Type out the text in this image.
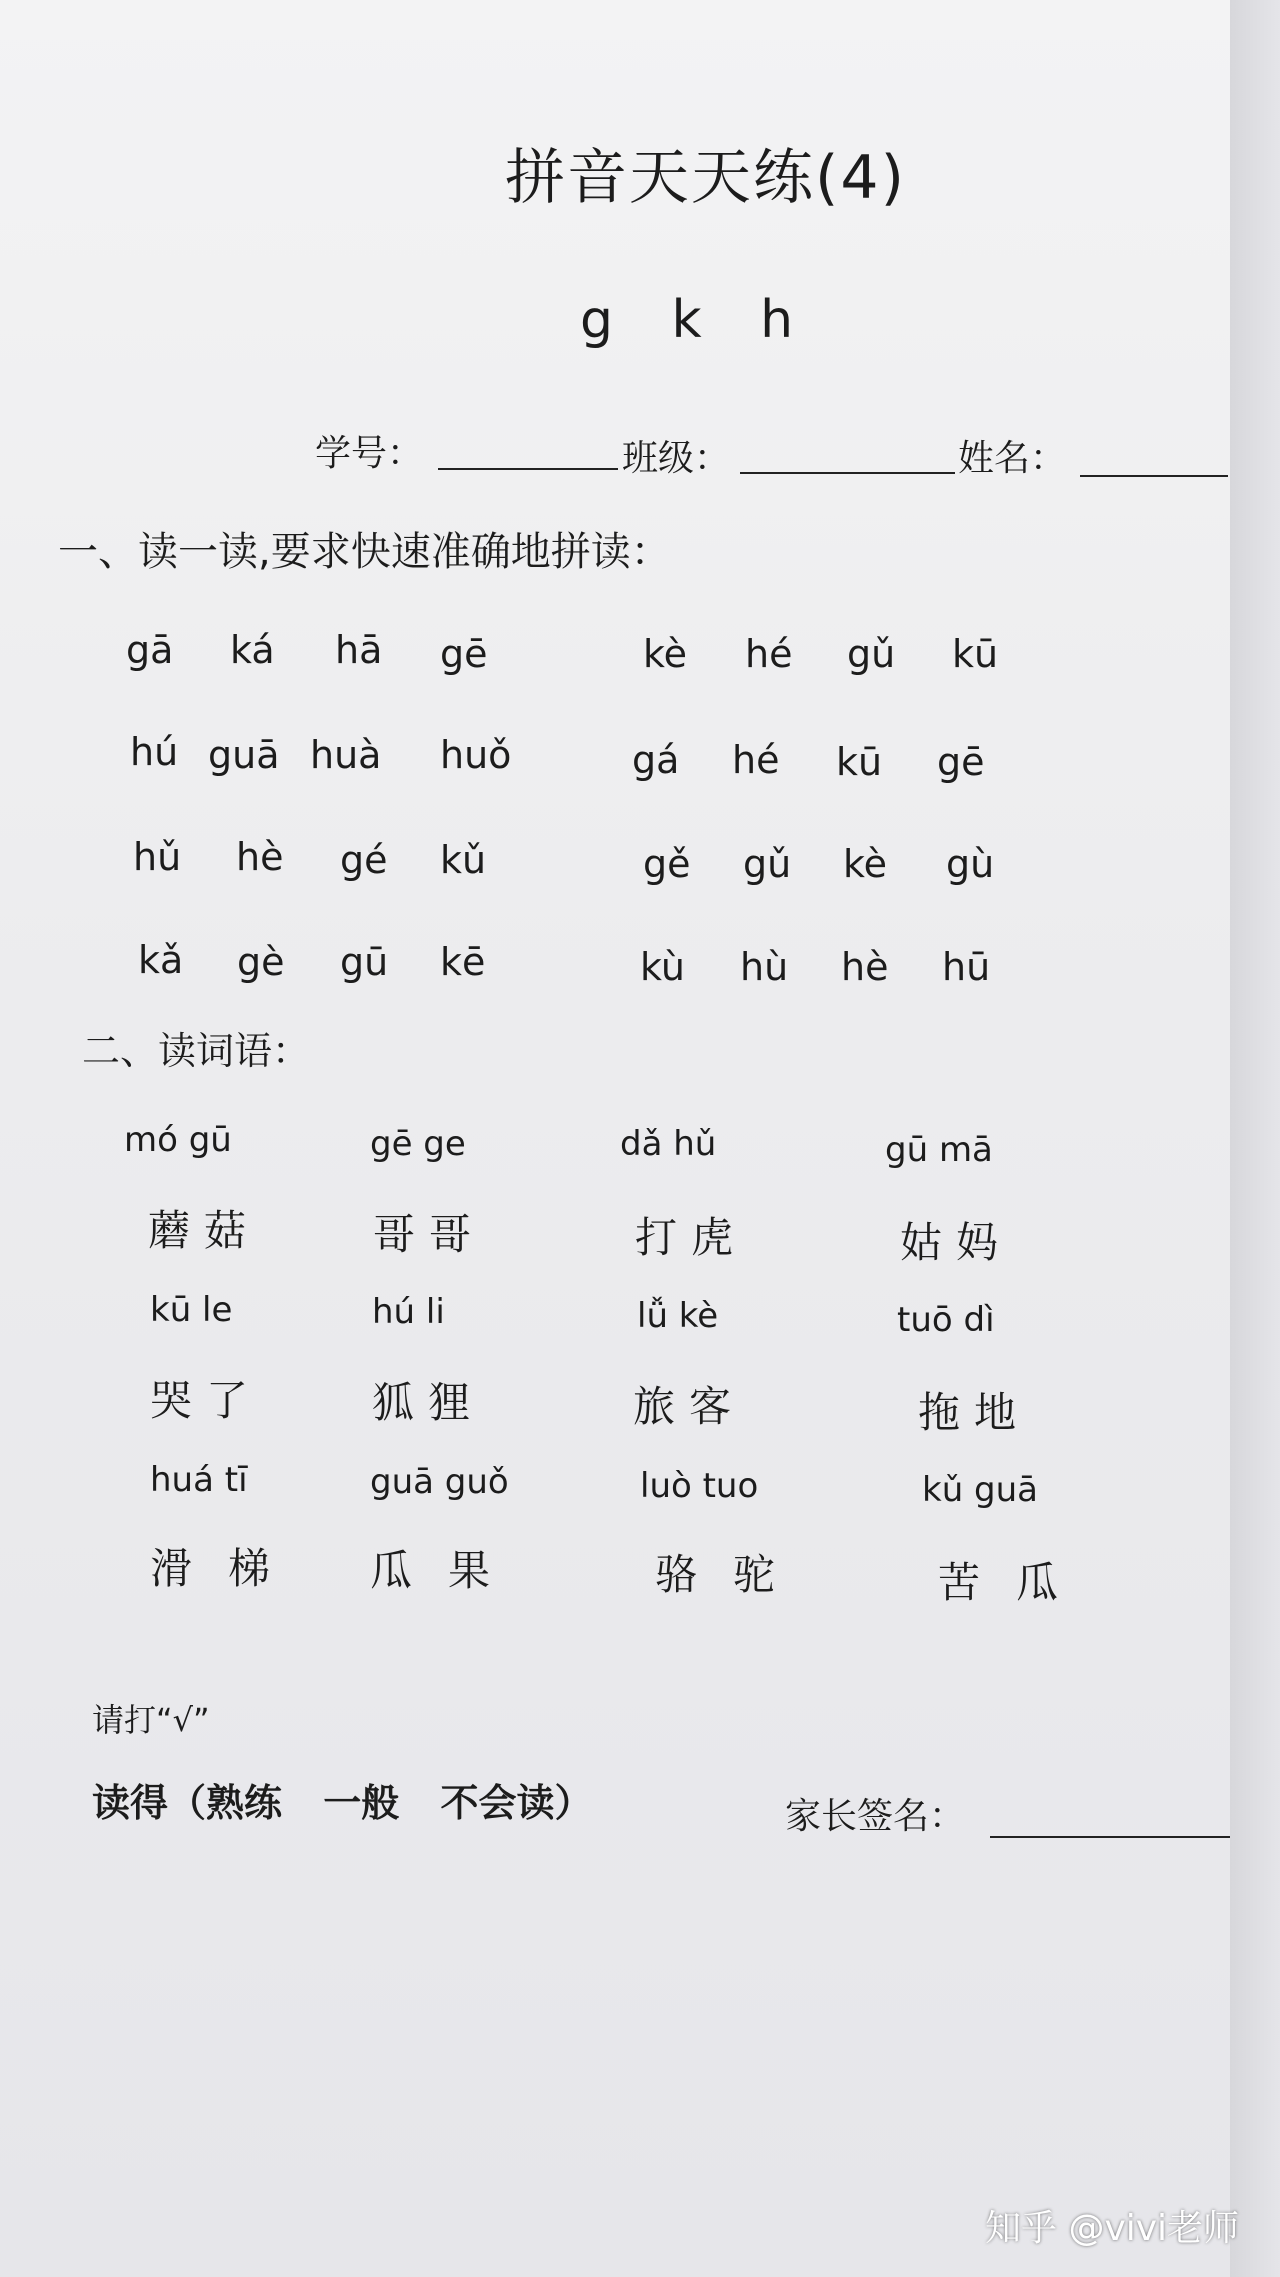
拼音天天练(4)
g k h
学号：	班级：	姓名：
一、读一读,要求快速准确地拼读：
gā ká hā gē	kè hé gǔ kū
hú guā huà huǒ	gá hé kū gē
hǔ hè gé kǔ	gě gǔ kè gù
kǎ gè gū kē	kù hù hè hū
二、读词语：
mó gū	gē ge	dǎ hǔ	gū mā
蘑菇	哥哥	打虎	姑妈
kū le	hú li	lǚ kè	tuō dì
哭了	狐狸	旅客	拖地
huá tī	guā guǒ	luò tuo	kǔ guā
滑梯 瓜果	骆驼	苦瓜
请打“√”
读得（熟练 一般 不会读）	家长签名：
知乎 @vivi老师
